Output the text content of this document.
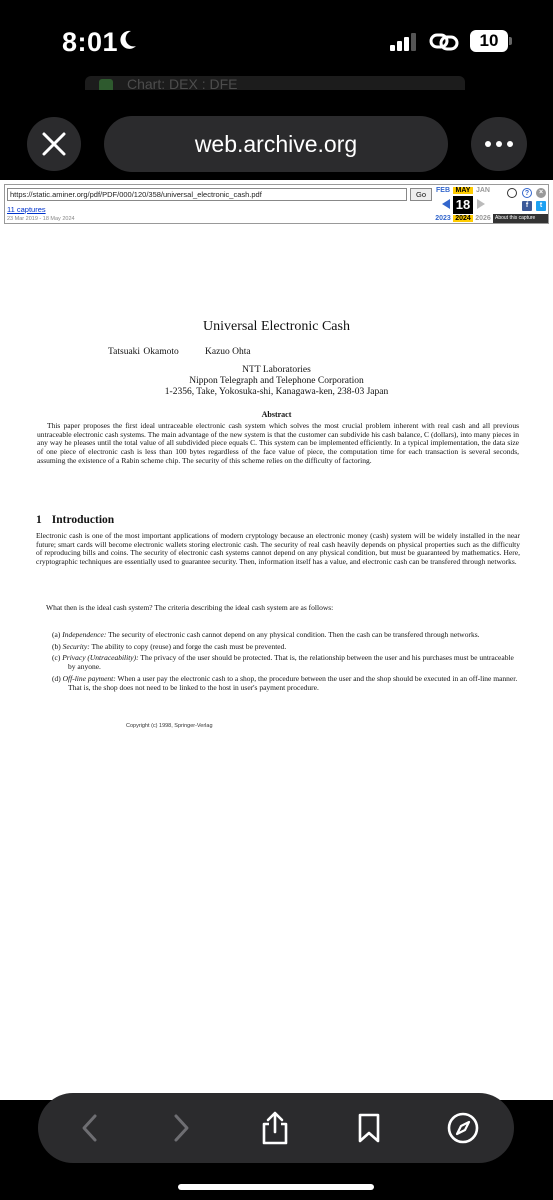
8:01	10
Chart: DEX : DFE
web.archive.org
https://static.aminer.org/pdf/PDF/000/120/358/universal_electronic_cash.pdf	Go
11 captures
23 Mar 2019 - 18 May 2024
FEB MAY JAN
18
2023 2024 2026
?	×
f	t
About this capture
Universal Electronic Cash
Tatsuaki Okamoto	Kazuo Ohta
NTT Laboratories
Nippon Telegraph and Telephone Corporation
1-2356, Take, Yokosuka-shi, Kanagawa-ken, 238-03 Japan
Abstract
This paper proposes the first ideal untraceable electronic cash system which solves the most crucial problem inherent with real cash and all previous untraceable electronic cash systems. The main advantage of the new system is that the customer can subdivide his cash balance, C (dollars), into many pieces in any way he pleases until the total value of all subdivided piece equals C. This system can be implemented efficiently. In a typical implementation, the data size of one piece of electronic cash is less than 100 bytes regardless of the face value of piece, the computation time for each transaction is several seconds, assuming the existence of a Rabin scheme chip. The security of this scheme relies on the difficulty of factoring.
1 Introduction
Electronic cash is one of the most important applications of modern cryptology because an electronic money (cash) system will be widely installed in the near future; smart cards will become electronic wallets storing electronic cash. The security of real cash heavily depends on physical properties such as the difficulty of reproducing bills and coins. The security of electronic cash systems cannot depend on any physical condition, but must be guaranteed by mathematics. Here, cryptographic techniques are essentially used to guarantee security. Then, information itself has a value, and electronic cash can be transfered through networks.
What then is the ideal cash system? The criteria describing the ideal cash system are as follows:
(a) Independence: The security of electronic cash cannot depend on any physical condition. Then the cash can be transfered through networks.
(b) Security: The ability to copy (reuse) and forge the cash must be prevented.
(c) Privacy (Untraceability): The privacy of the user should be protected. That is, the relationship between the user and his purchases must be untraceable by anyone.
(d) Off-line payment: When a user pay the electronic cash to a shop, the procedure between the user and the shop should be executed in an off-line manner. That is, the shop does not need to be linked to the host in user's payment procedure.
Copyright (c) 1998, Springer-Verlag
